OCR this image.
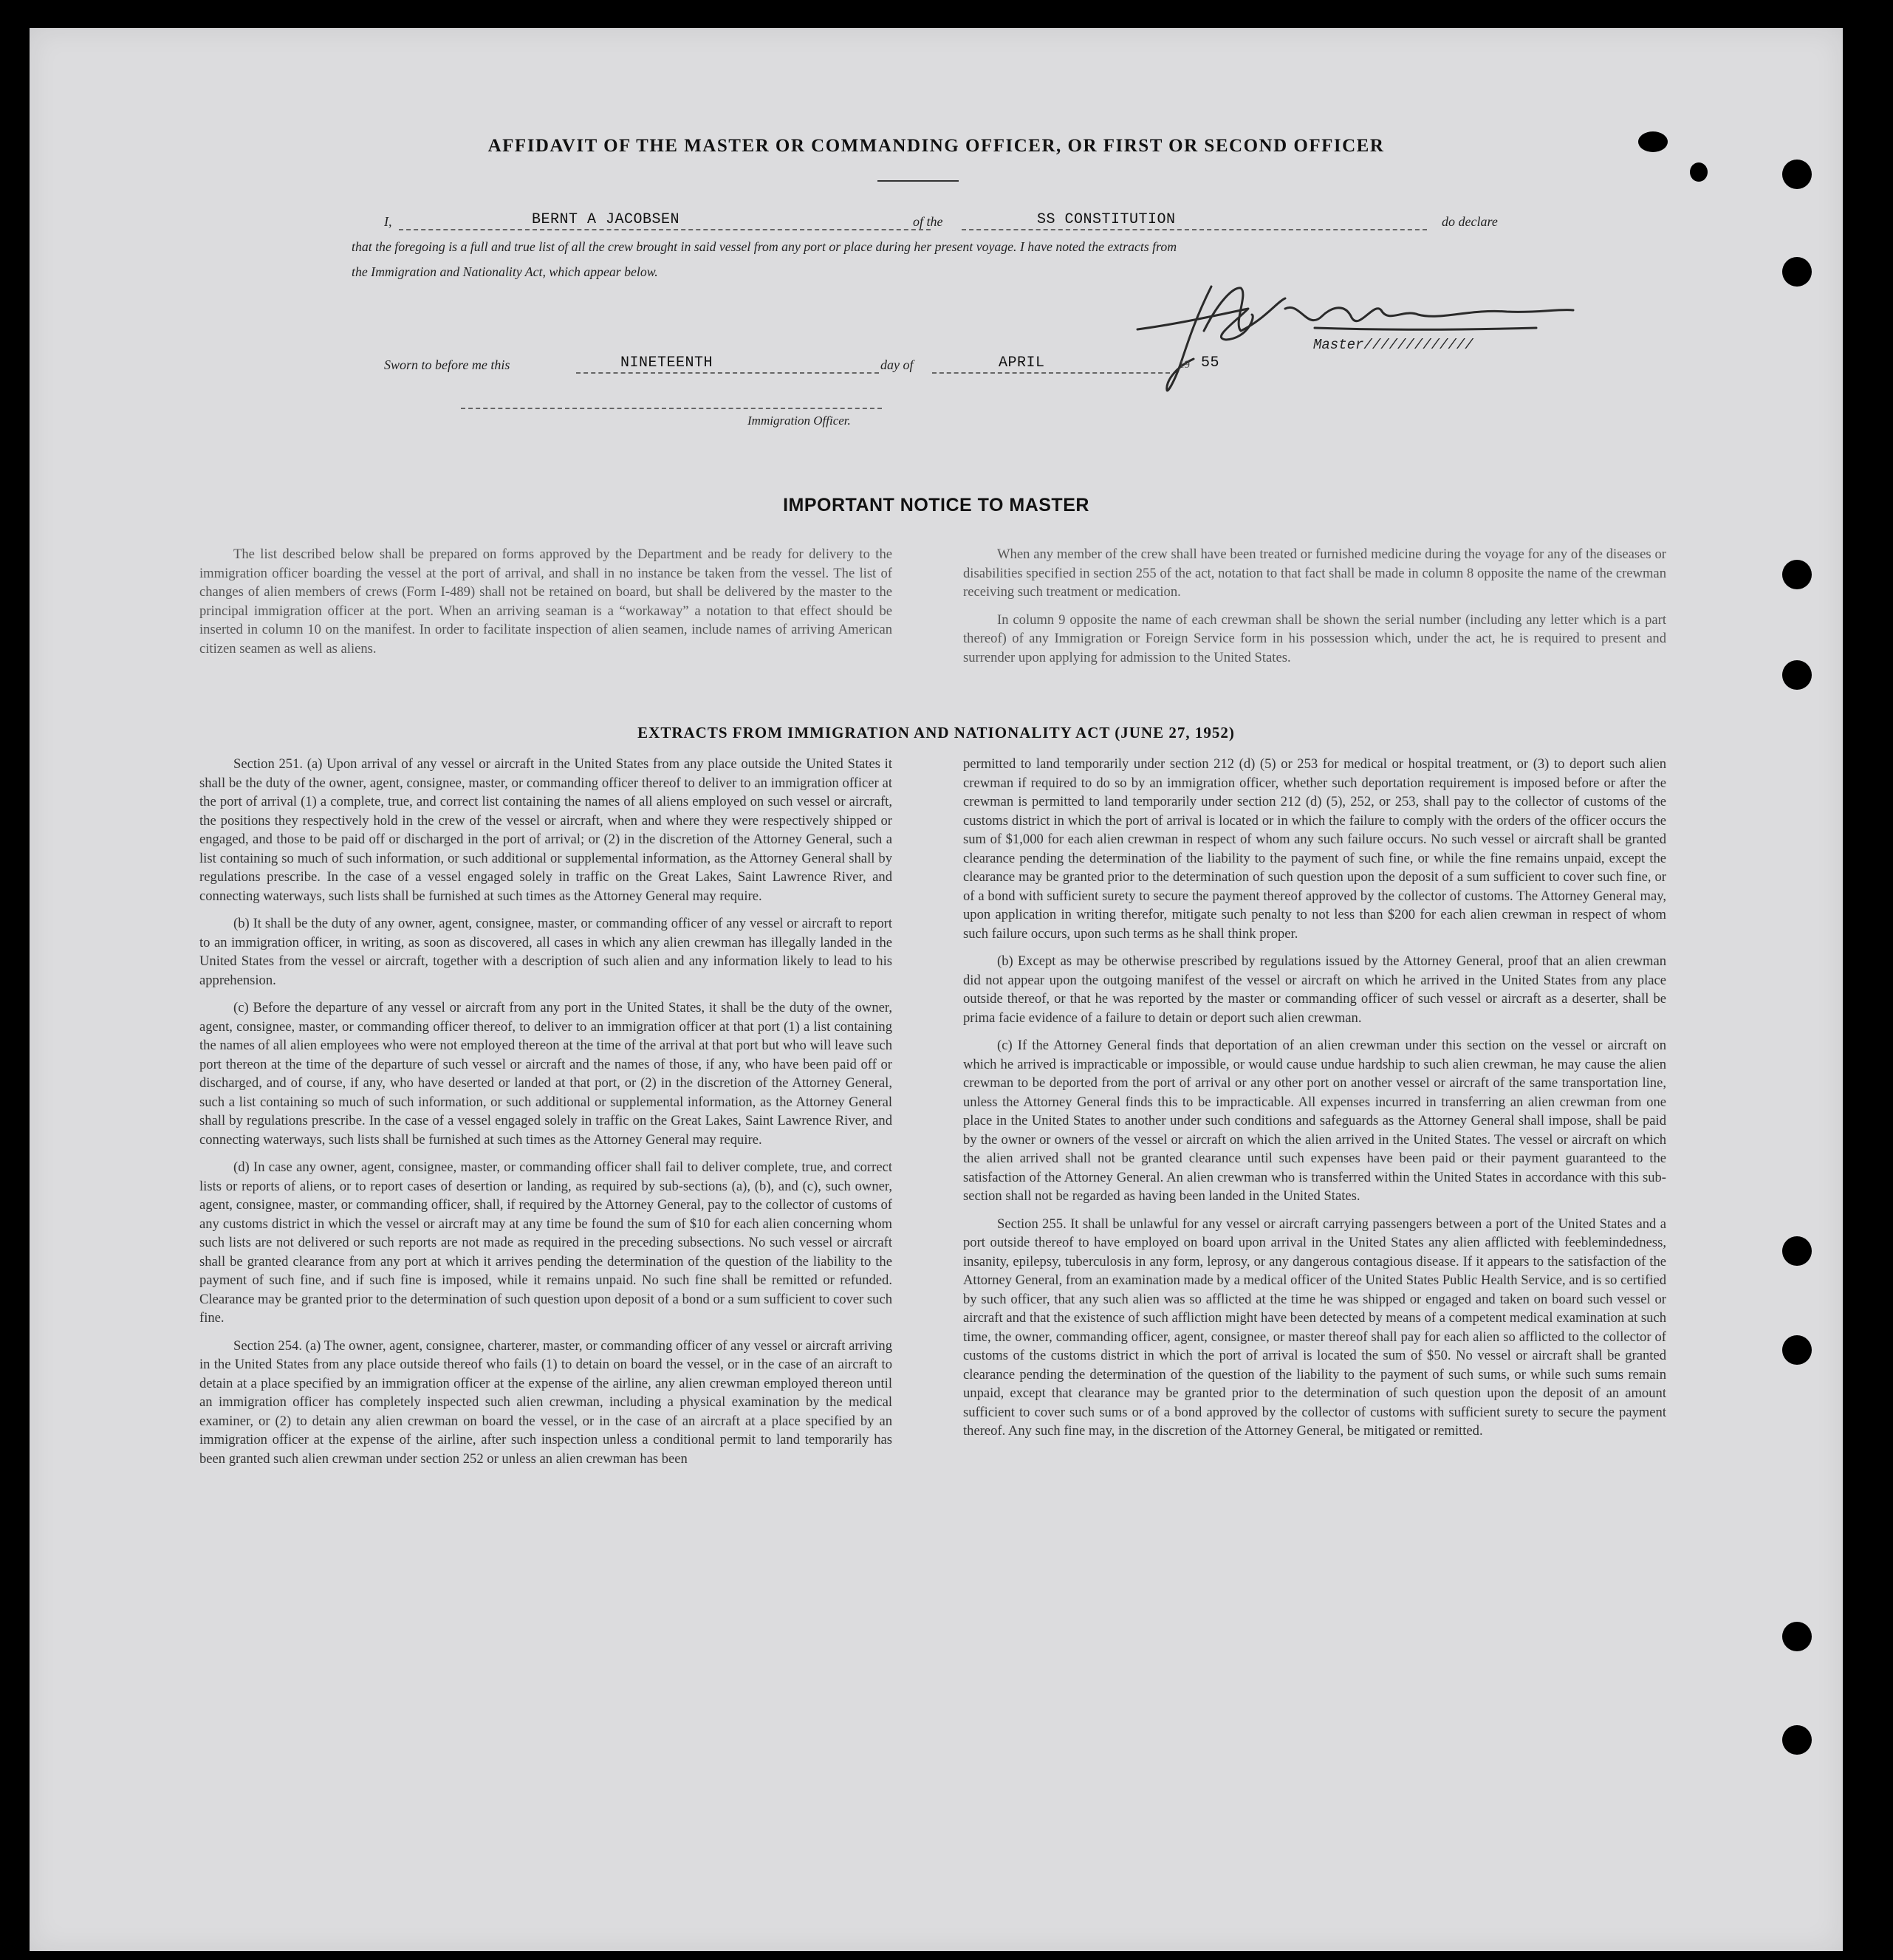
AFFIDAVIT OF THE MASTER OR COMMANDING OFFICER, OR FIRST OR SECOND OFFICER
I,	BERNT A JACOBSEN	of the	SS CONSTITUTION	do declare
that the foregoing is a full and true list of all the crew brought in said vessel from any port or place during her present voyage. I have noted the extracts from
the Immigration and Nationality Act, which appear below.
Master/////////////
Sworn to before me this	NINETEENTH	day of	APRIL	19 55
Immigration Officer.
IMPORTANT NOTICE TO MASTER

The list described below shall be prepared on forms approved by the Department and be ready for delivery to the immigration officer boarding the vessel at the port of arrival, and shall in no instance be taken from the vessel. The list of changes of alien members of crews (Form I-489) shall not be retained on board, but shall be delivered by the master to the principal immigration officer at the port. When an arriving seaman is a “workaway” a notation to that effect should be inserted in column 10 on the manifest. In order to facilitate inspection of alien seamen, include names of arriving American citizen seamen as well as aliens.

When any member of the crew shall have been treated or furnished medicine during the voyage for any of the diseases or disabilities specified in section 255 of the act, notation to that fact shall be made in column 8 opposite the name of the crewman receiving such treatment or medication.

In column 9 opposite the name of each crewman shall be shown the serial number (including any letter which is a part thereof) of any Immigration or Foreign Service form in his possession which, under the act, he is required to present and surrender upon applying for admission to the United States.

EXTRACTS FROM IMMIGRATION AND NATIONALITY ACT (JUNE 27, 1952)

Section 251. (a) Upon arrival of any vessel or aircraft in the United States from any place outside the United States it shall be the duty of the owner, agent, consignee, master, or commanding officer thereof to deliver to an immigration officer at the port of arrival (1) a complete, true, and correct list containing the names of all aliens employed on such vessel or aircraft, the positions they respectively hold in the crew of the vessel or aircraft, when and where they were respectively shipped or engaged, and those to be paid off or discharged in the port of arrival; or (2) in the discretion of the Attorney General, such a list containing so much of such information, or such additional or supplemental information, as the Attorney General shall by regulations prescribe. In the case of a vessel engaged solely in traffic on the Great Lakes, Saint Lawrence River, and connecting waterways, such lists shall be furnished at such times as the Attorney General may require.

(b) It shall be the duty of any owner, agent, consignee, master, or commanding officer of any vessel or aircraft to report to an immigration officer, in writing, as soon as discovered, all cases in which any alien crewman has illegally landed in the United States from the vessel or aircraft, together with a description of such alien and any information likely to lead to his apprehension.

(c) Before the departure of any vessel or aircraft from any port in the United States, it shall be the duty of the owner, agent, consignee, master, or commanding officer thereof, to deliver to an immigration officer at that port (1) a list containing the names of all alien employees who were not employed thereon at the time of the arrival at that port but who will leave such port thereon at the time of the departure of such vessel or aircraft and the names of those, if any, who have been paid off or discharged, and of course, if any, who have deserted or landed at that port, or (2) in the discretion of the Attorney General, such a list containing so much of such information, or such additional or supplemental information, as the Attorney General shall by regulations prescribe. In the case of a vessel engaged solely in traffic on the Great Lakes, Saint Lawrence River, and connecting waterways, such lists shall be furnished at such times as the Attorney General may require.

(d) In case any owner, agent, consignee, master, or commanding officer shall fail to deliver complete, true, and correct lists or reports of aliens, or to report cases of desertion or landing, as required by sub-sections (a), (b), and (c), such owner, agent, consignee, master, or commanding officer, shall, if required by the Attorney General, pay to the collector of customs of any customs district in which the vessel or aircraft may at any time be found the sum of $10 for each alien concerning whom such lists are not delivered or such reports are not made as required in the preceding subsections. No such vessel or aircraft shall be granted clearance from any port at which it arrives pending the determination of the question of the liability to the payment of such fine, and if such fine is imposed, while it remains unpaid. No such fine shall be remitted or refunded. Clearance may be granted prior to the determination of such question upon deposit of a bond or a sum sufficient to cover such fine.

Section 254. (a) The owner, agent, consignee, charterer, master, or commanding officer of any vessel or aircraft arriving in the United States from any place outside thereof who fails (1) to detain on board the vessel, or in the case of an aircraft to detain at a place specified by an immigration officer at the expense of the airline, any alien crewman employed thereon until an immigration officer has completely inspected such alien crewman, including a physical examination by the medical examiner, or (2) to detain any alien crewman on board the vessel, or in the case of an aircraft at a place specified by an immigration officer at the expense of the airline, after such inspection unless a conditional permit to land temporarily has been granted such alien crewman under section 252 or unless an alien crewman has been

permitted to land temporarily under section 212 (d) (5) or 253 for medical or hospital treatment, or (3) to deport such alien crewman if required to do so by an immigration officer, whether such deportation requirement is imposed before or after the crewman is permitted to land temporarily under section 212 (d) (5), 252, or 253, shall pay to the collector of customs of the customs district in which the port of arrival is located or in which the failure to comply with the orders of the officer occurs the sum of $1,000 for each alien crewman in respect of whom any such failure occurs. No such vessel or aircraft shall be granted clearance pending the determination of the liability to the payment of such fine, or while the fine remains unpaid, except the clearance may be granted prior to the determination of such question upon the deposit of a sum sufficient to cover such fine, or of a bond with sufficient surety to secure the payment thereof approved by the collector of customs. The Attorney General may, upon application in writing therefor, mitigate such penalty to not less than $200 for each alien crewman in respect of whom such failure occurs, upon such terms as he shall think proper.

(b) Except as may be otherwise prescribed by regulations issued by the Attorney General, proof that an alien crewman did not appear upon the outgoing manifest of the vessel or aircraft on which he arrived in the United States from any place outside thereof, or that he was reported by the master or commanding officer of such vessel or aircraft as a deserter, shall be prima facie evidence of a failure to detain or deport such alien crewman.

(c) If the Attorney General finds that deportation of an alien crewman under this section on the vessel or aircraft on which he arrived is impracticable or impossible, or would cause undue hardship to such alien crewman, he may cause the alien crewman to be deported from the port of arrival or any other port on another vessel or aircraft of the same transportation line, unless the Attorney General finds this to be impracticable. All expenses incurred in transferring an alien crewman from one place in the United States to another under such conditions and safeguards as the Attorney General shall impose, shall be paid by the owner or owners of the vessel or aircraft on which the alien arrived in the United States. The vessel or aircraft on which the alien arrived shall not be granted clearance until such expenses have been paid or their payment guaranteed to the satisfaction of the Attorney General. An alien crewman who is transferred within the United States in accordance with this sub-section shall not be regarded as having been landed in the United States.

Section 255. It shall be unlawful for any vessel or aircraft carrying passengers between a port of the United States and a port outside thereof to have employed on board upon arrival in the United States any alien afflicted with feeblemindedness, insanity, epilepsy, tuberculosis in any form, leprosy, or any dangerous contagious disease. If it appears to the satisfaction of the Attorney General, from an examination made by a medical officer of the United States Public Health Service, and is so certified by such officer, that any such alien was so afflicted at the time he was shipped or engaged and taken on board such vessel or aircraft and that the existence of such affliction might have been detected by means of a competent medical examination at such time, the owner, commanding officer, agent, consignee, or master thereof shall pay for each alien so afflicted to the collector of customs of the customs district in which the port of arrival is located the sum of $50. No vessel or aircraft shall be granted clearance pending the determination of the question of the liability to the payment of such sums, or while such sums remain unpaid, except that clearance may be granted prior to the determination of such question upon the deposit of an amount sufficient to cover such sums or of a bond approved by the collector of customs with sufficient surety to secure the payment thereof. Any such fine may, in the discretion of the Attorney General, be mitigated or remitted.
